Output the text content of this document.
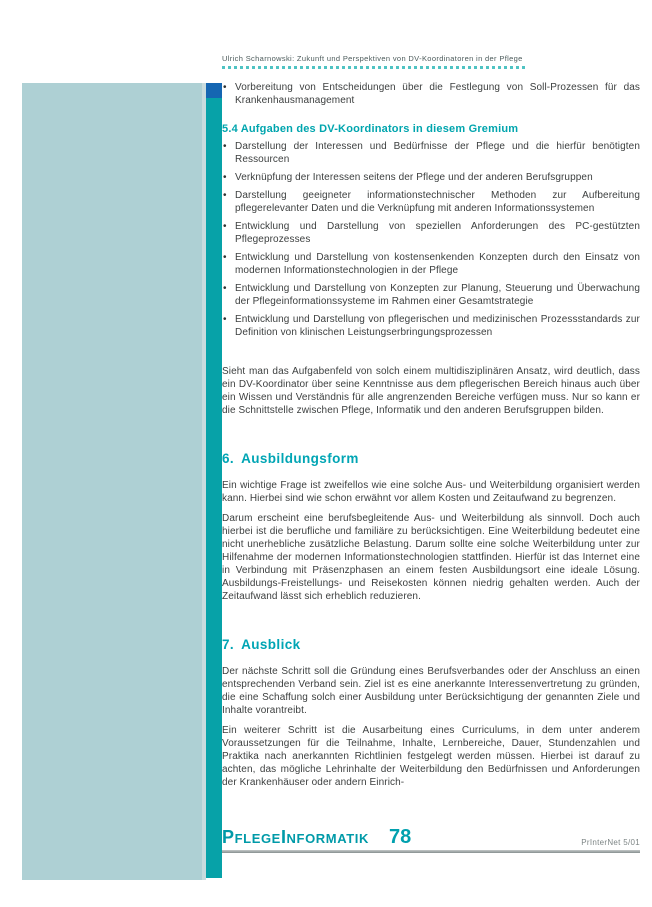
Ulrich Scharnowski: Zukunft und Perspektiven von DV-Koordinatoren in der Pflege
• Vorbereitung von Entscheidungen über die Festlegung von Soll-Prozessen für das Krankenhausmanagement
5.4 Aufgaben des DV-Koordinators in diesem Gremium
• Darstellung der Interessen und Bedürfnisse der Pflege und die hierfür benötigten Ressourcen
• Verknüpfung der Interessen seitens der Pflege und der anderen Berufsgruppen
• Darstellung geeigneter informationstechnischer Methoden zur Aufbereitung pflegerelevanter Daten und die Verknüpfung mit anderen Informationssystemen
• Entwicklung und Darstellung von speziellen Anforderungen des PC-gestützten Pflegeprozesses
• Entwicklung und Darstellung von kostensenkenden Konzepten durch den Einsatz von modernen Informationstechnologien in der Pflege
• Entwicklung und Darstellung von Konzepten zur Planung, Steuerung und Überwachung der Pflegeinformationssysteme im Rahmen einer Gesamtstrategie
• Entwicklung und Darstellung von pflegerischen und medizinischen Prozessstandards zur Definition von klinischen Leistungserbringungsprozessen

Sieht man das Aufgabenfeld von solch einem multidisziplinären Ansatz, wird deutlich, dass ein DV-Koordinator über seine Kenntnisse aus dem pflegerischen Bereich hinaus auch über ein Wissen und Verständnis für alle angrenzenden Bereiche verfügen muss. Nur so kann er die Schnittstelle zwischen Pflege, Informatik und den anderen Berufsgruppen bilden.

6. Ausbildungsform

Ein wichtige Frage ist zweifellos wie eine solche Aus- und Weiterbildung organisiert werden kann. Hierbei sind wie schon erwähnt vor allem Kosten und Zeitaufwand zu begrenzen.

Darum erscheint eine berufsbegleitende Aus- und Weiterbildung als sinnvoll. Doch auch hierbei ist die berufliche und familiäre zu berücksichtigen. Eine Weiterbildung bedeutet eine nicht unerhebliche zusätzliche Belastung. Darum sollte eine solche Weiterbildung unter zur Hilfenahme der modernen Informationstechnologien stattfinden. Hierfür ist das Internet eine in Verbindung mit Präsenzphasen an einem festen Ausbildungsort eine ideale Lösung. Ausbildungs-Freistellungs- und Reisekosten können niedrig gehalten werden. Auch der Zeitaufwand lässt sich erheblich reduzieren.

7. Ausblick

Der nächste Schritt soll die Gründung eines Berufsverbandes oder der Anschluss an einen entsprechenden Verband sein. Ziel ist es eine anerkannte Interessenvertretung zu gründen, die eine Schaffung solch einer Ausbildung unter Berücksichtigung der genannten Ziele und Inhalte vorantreibt.

Ein weiterer Schritt ist die Ausarbeitung eines Curriculums, in dem unter anderem Voraussetzungen für die Teilnahme, Inhalte, Lernbereiche, Dauer, Stundenzahlen und Praktika nach anerkannten Richtlinien festgelegt werden müssen. Hierbei ist darauf zu achten, das mögliche Lehrinhalte der Weiterbildung den Bedürfnissen und Anforderungen der Krankenhäuser oder andern Einrich-

PflegeInformatik 78	PrInterNet 5/01
